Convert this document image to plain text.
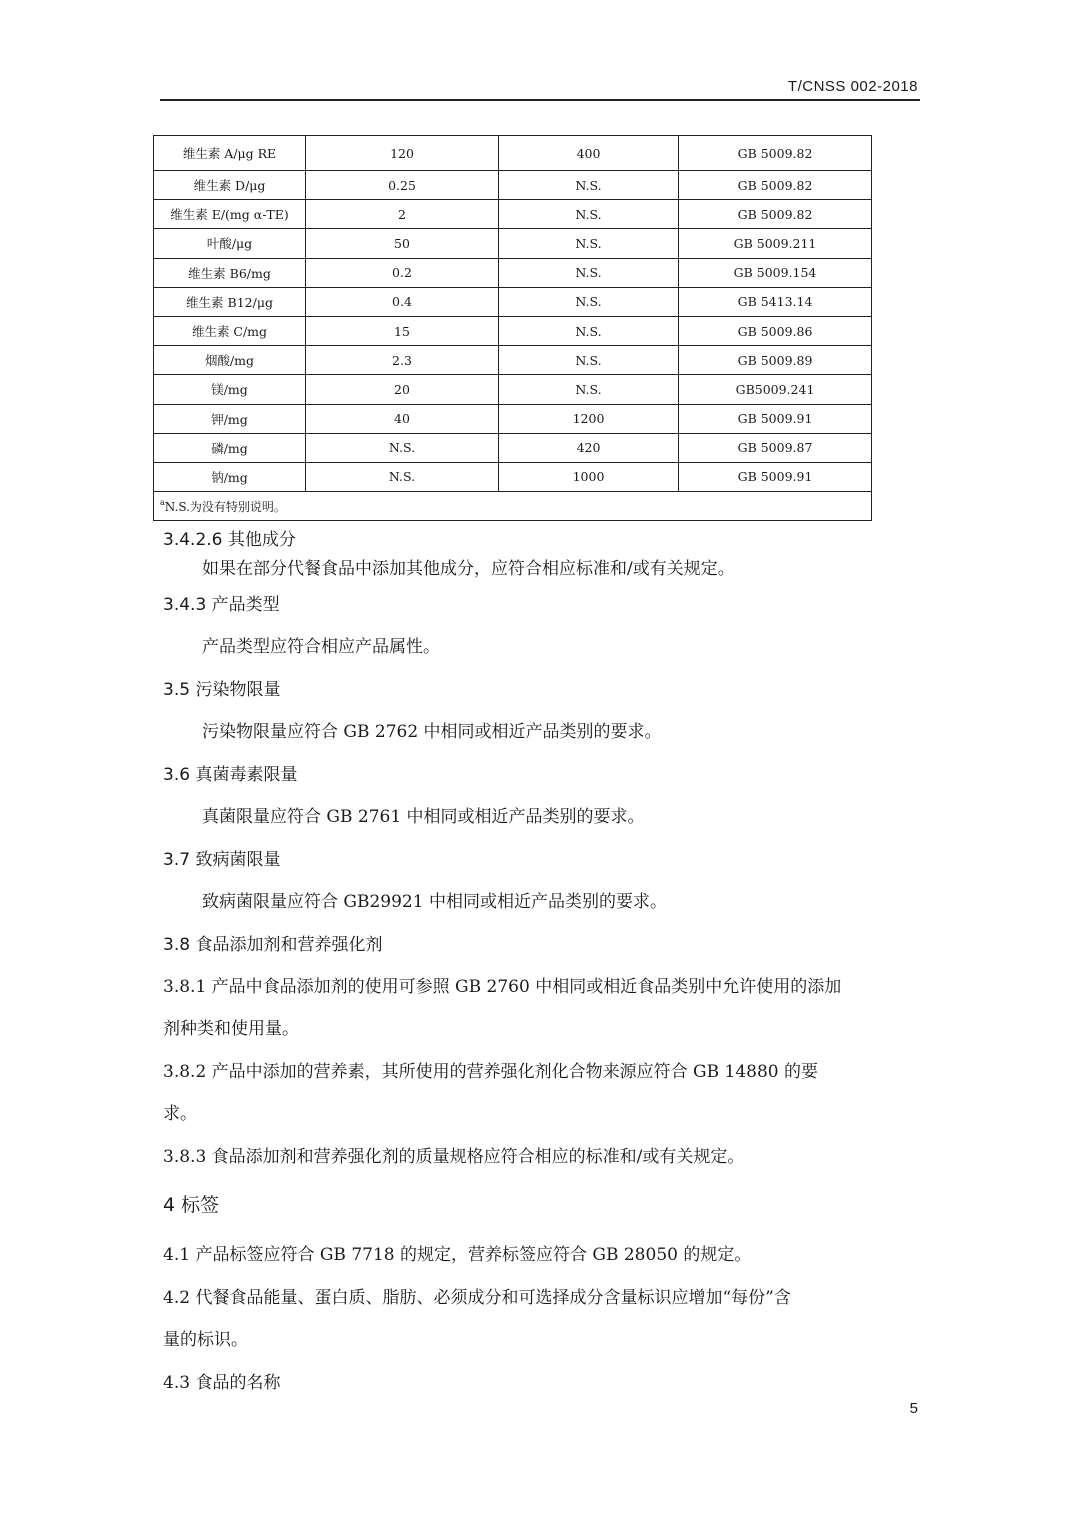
T/CNSS 002-2018
维生素 A/μg RE	120	400	GB 5009.82
维生素 D/μg	0.25	N.S.	GB 5009.82
维生素 E/(mg α-TE)	2	N.S.	GB 5009.82
叶酸/μg	50	N.S.	GB 5009.211
维生素 B6/mg	0.2	N.S.	GB 5009.154
维生素 B12/μg	0.4	N.S.	GB 5413.14
维生素 C/mg	15	N.S.	GB 5009.86
烟酸/mg	2.3	N.S.	GB 5009.89
镁/mg	20	N.S.	GB5009.241
钾/mg	40	1200	GB 5009.91
磷/mg	N.S.	420	GB 5009.87
钠/mg	N.S.	1000	GB 5009.91
$^a$N.S.为没有特别说明。			
3.4.2.6 其他成分
如果在部分代餐食品中添加其他成分，应符合相应标准和/或有关规定。
3.4.3 产品类型
产品类型应符合相应产品属性。
3.5 污染物限量
污染物限量应符合 GB 2762 中相同或相近产品类别的要求。
3.6 真菌毒素限量
真菌限量应符合 GB 2761 中相同或相近产品类别的要求。
3.7 致病菌限量
致病菌限量应符合 GB29921 中相同或相近产品类别的要求。
3.8 食品添加剂和营养强化剂
3.8.1 产品中食品添加剂的使用可参照 GB 2760 中相同或相近食品类别中允许使用的添加
剂种类和使用量。
3.8.2 产品中添加的营养素，其所使用的营养强化剂化合物来源应符合 GB 14880 的要
求。
3.8.3 食品添加剂和营养强化剂的质量规格应符合相应的标准和/或有关规定。
4 标签
4.1 产品标签应符合 GB 7718 的规定，营养标签应符合 GB 28050 的规定。
4.2 代餐食品能量、蛋白质、脂肪、必须成分和可选择成分含量标识应增加“每份”含
量的标识。
4.3 食品的名称
5
